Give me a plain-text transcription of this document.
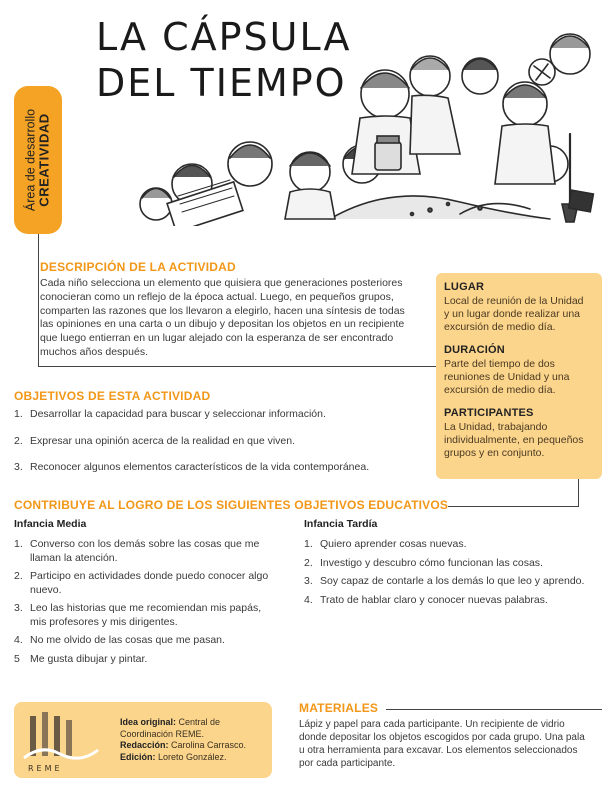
LA CÁPSULA
DEL TIEMPO
Área de desarrollo CREATIVIDAD
DESCRIPCIÓN DE LA ACTIVIDAD
Cada niño selecciona un elemento que quisiera que generaciones posteriores
conocieran como un reflejo de la época actual. Luego, en pequeños grupos,
comparten las razones que los llevaron a elegirlo, hacen una síntesis de todas
las opiniones en una carta o un dibujo y depositan los objetos en un recipiente
que luego entierran en un lugar alejado con la esperanza de ser encontrado
muchos años después.
LUGAR

Local de reunión de la Unidad
y un lugar donde realizar una
excursión de medio día.

DURACIÓN

Parte del tiempo de dos
reuniones de Unidad y una
excursión de medio día.

PARTICIPANTES

La Unidad, trabajando
individualmente, en pequeños
grupos y en conjunto.

OBJETIVOS DE ESTA ACTIVIDAD
1. Desarrollar la capacidad para buscar y seleccionar información.
2. Expresar una opinión acerca de la realidad en que viven.
3. Reconocer algunos elementos característicos de la vida contemporánea.
CONTRIBUYE AL LOGRO DE LOS SIGUIENTES OBJETIVOS EDUCATIVOS
Infancia Media
1. Converso con los demás sobre las cosas que me
llaman la atención.
2. Participo en actividades donde puedo conocer algo
nuevo.
3. Leo las historias que me recomiendan mis papás,
mis profesores y mis dirigentes.
4. No me olvido de las cosas que me pasan.
5 Me gusta dibujar y pintar.
Infancia Tardía
1. Quiero aprender cosas nuevas.
2. Investigo y descubro cómo funcionan las cosas.
3. Soy capaz de contarle a los demás lo que leo y aprendo.
4. Trato de hablar claro y conocer nuevas palabras.
REME
Idea original: Central de
Coordinación REME.
Redacción: Carolina Carrasco.
Edición: Loreto González.
MATERIALES
Lápiz y papel para cada participante. Un recipiente de vidrio
donde depositar los objetos escogidos por cada grupo. Una pala
u otra herramienta para excavar. Los elementos seleccionados
por cada participante.
